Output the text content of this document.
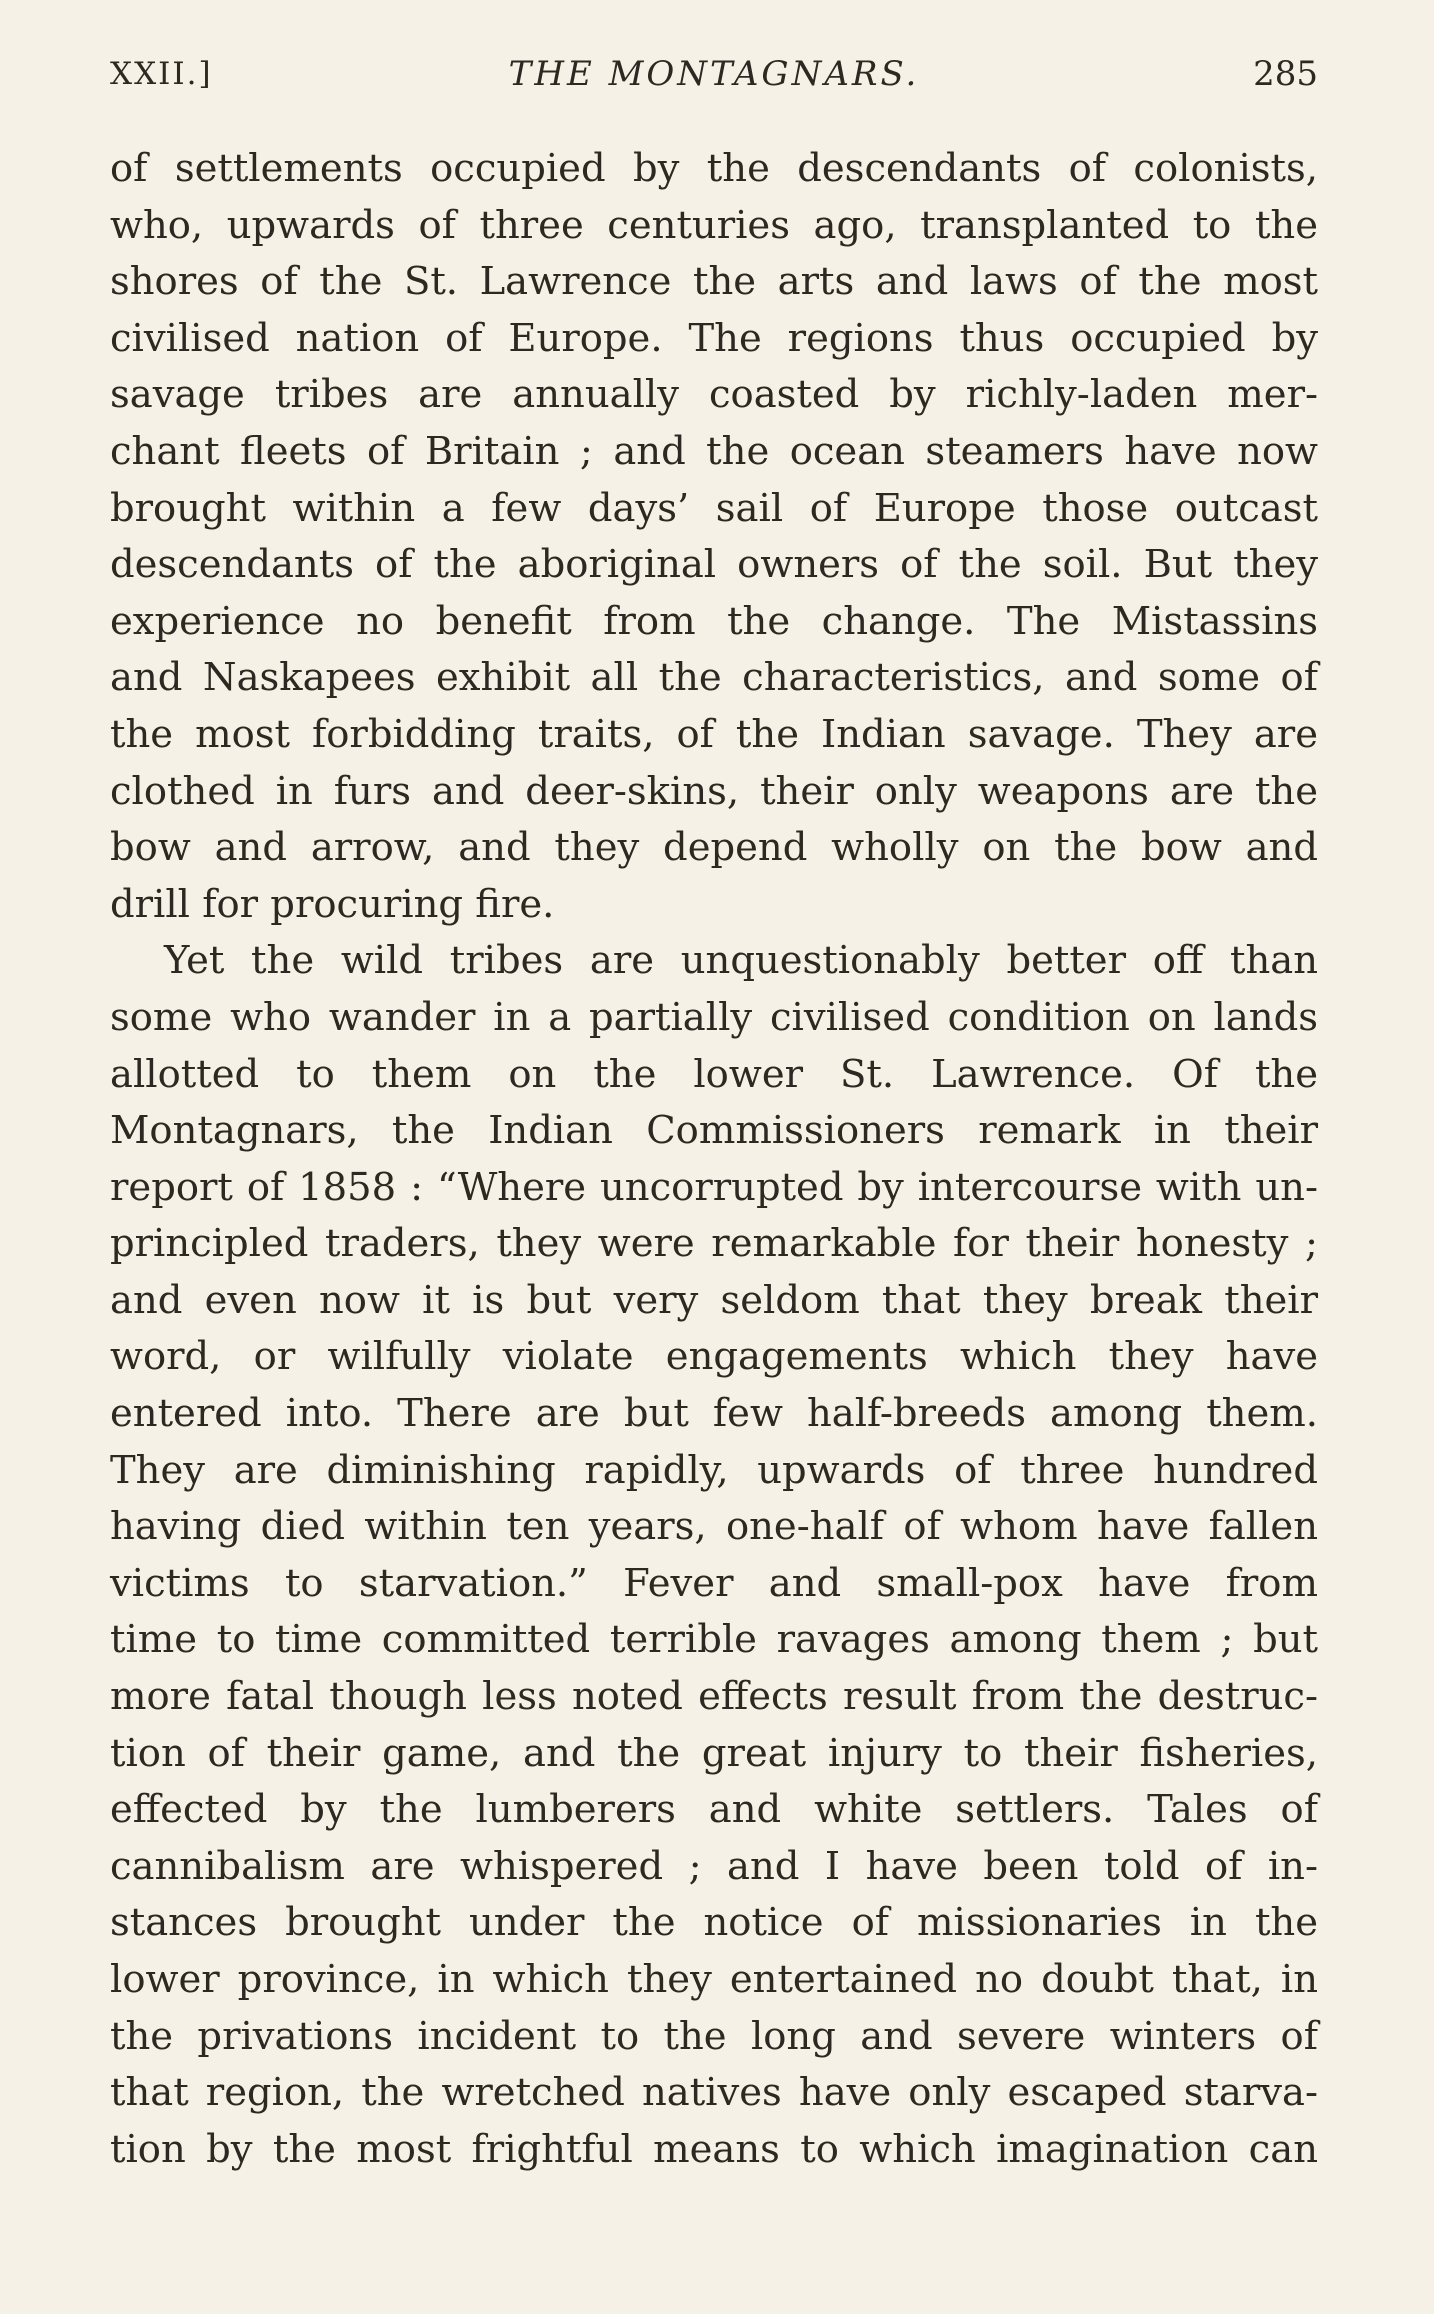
XXII.]	THE MONTAGNARS.	285
of settlements occupied by the descendants of colonists,
who, upwards of three centuries ago, transplanted to the
shores of the St. Lawrence the arts and laws of the most
civilised nation of Europe. The regions thus occupied by
savage tribes are annually coasted by richly-laden mer-
chant fleets of Britain ; and the ocean steamers have now
brought within a few days’ sail of Europe those outcast
descendants of the aboriginal owners of the soil. But they
experience no benefit from the change. The Mistassins
and Naskapees exhibit all the characteristics, and some of
the most forbidding traits, of the Indian savage. They are
clothed in furs and deer-skins, their only weapons are the
bow and arrow, and they depend wholly on the bow and
drill for procuring fire.
Yet the wild tribes are unquestionably better off than
some who wander in a partially civilised condition on lands
allotted to them on the lower St. Lawrence. Of the
Montagnars, the Indian Commissioners remark in their
report of 1858 : “Where uncorrupted by intercourse with un-
principled traders, they were remarkable for their honesty ;
and even now it is but very seldom that they break their
word, or wilfully violate engagements which they have
entered into. There are but few half-breeds among them.
They are diminishing rapidly, upwards of three hundred
having died within ten years, one-half of whom have fallen
victims to starvation.” Fever and small-pox have from
time to time committed terrible ravages among them ; but
more fatal though less noted effects result from the destruc-
tion of their game, and the great injury to their fisheries,
effected by the lumberers and white settlers. Tales of
cannibalism are whispered ; and I have been told of in-
stances brought under the notice of missionaries in the
lower province, in which they entertained no doubt that, in
the privations incident to the long and severe winters of
that region, the wretched natives have only escaped starva-
tion by the most frightful means to which imagination can
